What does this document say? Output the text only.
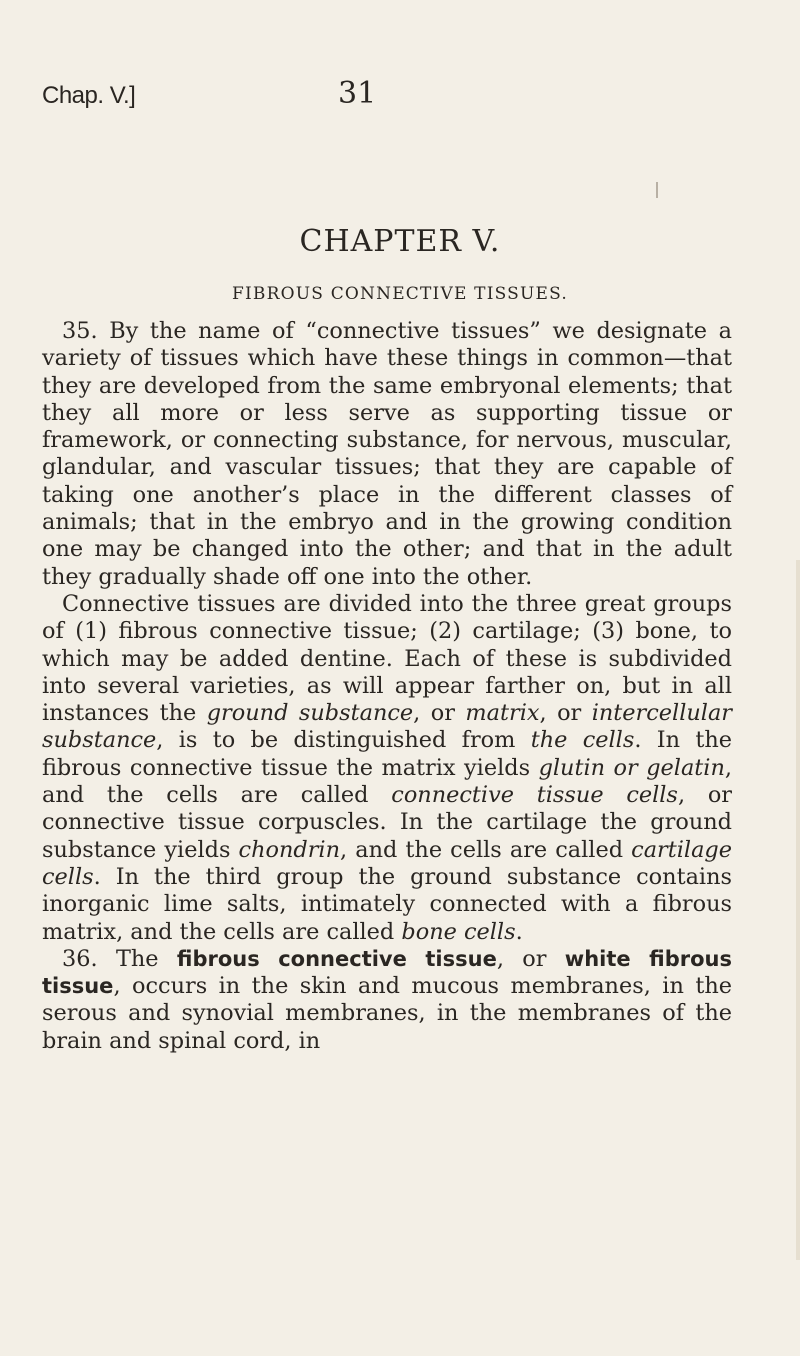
Chap. V.]	31
CHAPTER V.
FIBROUS CONNECTIVE TISSUES.

35. By the name of “connective tissues” we designate a variety of tissues which have these things in common—that they are developed from the same embryonal elements; that they all more or less serve as supporting tissue or framework, or connecting substance, for nervous, muscular, glandular, and vascular tissues; that they are capable of taking one another’s place in the different classes of animals; that in the embryo and in the growing condition one may be changed into the other; and that in the adult they gradually shade off one into the other.

Connective tissues are divided into the three great groups of (1) fibrous connective tissue; (2) cartilage; (3) bone, to which may be added dentine. Each of these is subdivided into several varieties, as will appear farther on, but in all instances the ground substance, or matrix, or intercellular substance, is to be distinguished from the cells. In the fibrous connective tissue the matrix yields glutin or gelatin, and the cells are called connective tissue cells, or connective tissue corpuscles. In the cartilage the ground substance yields chondrin, and the cells are called cartilage cells. In the third group the ground substance contains inorganic lime salts, intimately connected with a fibrous matrix, and the cells are called bone cells.

36. The fibrous connective tissue, or white fibrous tissue, occurs in the skin and mucous membranes, in the serous and synovial membranes, in the membranes of the brain and spinal cord, in
